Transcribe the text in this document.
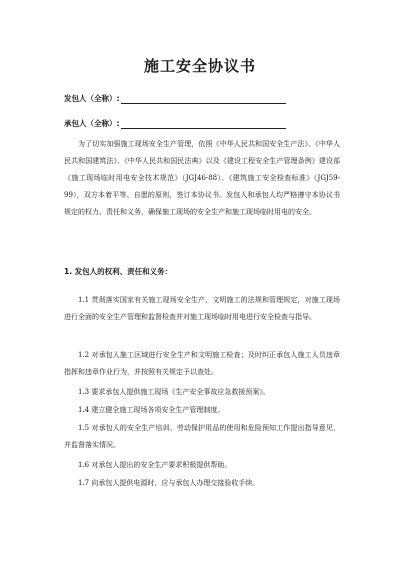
施工安全协议书
发包人（全称）:
承包人（全称）:

为了切实加强施工现场安全生产管理，依照《中华人民共和国安全生产法》、《中华人民共和国建筑法》、《中华人民共和国民法典》以及《建设工程安全生产管理条例》建设部《施工现场临时用电安全技术规范》（JGJ46-88）、《建筑施工安全检查标准》（JGJ59-99），双方本着平等、自愿的原则，签订本协议书。发包人和承包人均严格遵守本协议书规定的权力、责任和义务，确保施工现场的安全生产和施工现场临时用电的安全。

1. 发包人的权利、责任和义务：

1.1 贯彻落实国家有关施工现场安全生产、文明施工的法规和管理规定，对施工现场进行全面的安全生产管理和监督检查并对施工现场临时用电进行安全检查与指导。

1.2 对承包人施工区域进行安全生产和文明施工检查；及时纠正承包人施工人员违章指挥和违章作业行为，并按照有关规定予以查处。

1.3 要求承包人提供施工现场《生产安全事故应急救援预案》。

1.4 建立健全施工现场各项安全生产管理制度。

1.5 对承包人的安全生产培训、劳动保护用品的使用和危险预知工作提出指导意见，并监督落实情况。

1.6 对承包人提出的安全生产要求积极提供帮助。

1.7 向承包人提供电源时，应与承包人办理交接验收手续。
